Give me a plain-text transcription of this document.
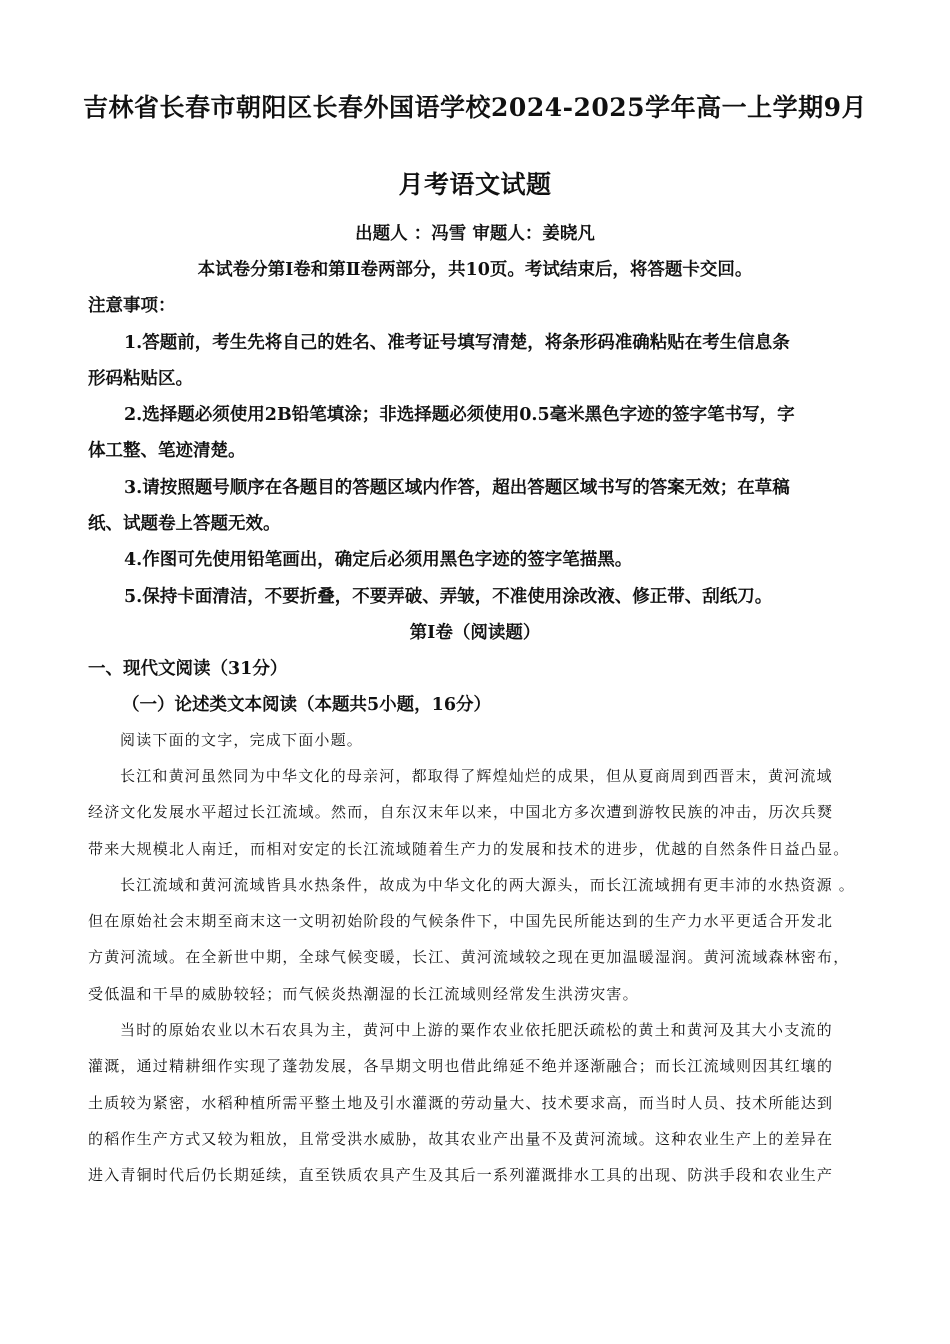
吉林省长春市朝阳区长春外国语学校2024-2025学年高一上学期9月
月考语文试题
出题人 ：冯雪 审题人：姜晓凡
本试卷分第Ⅰ卷和第Ⅱ卷两部分，共10页。考试结束后，将答题卡交回。
注意事项：
1.答题前，考生先将自己的姓名、准考证号填写清楚，将条形码准确粘贴在考生信息条
形码粘贴区。
2.选择题必须使用2B铅笔填涂；非选择题必须使用0.5毫米黑色字迹的签字笔书写，字
体工整、笔迹清楚。
3.请按照题号顺序在各题目的答题区域内作答，超出答题区域书写的答案无效；在草稿
纸、试题卷上答题无效。
4.作图可先使用铅笔画出，确定后必须用黑色字迹的签字笔描黑。
5.保持卡面清洁，不要折叠，不要弄破、弄皱，不准使用涂改液、修正带、刮纸刀。
第Ⅰ卷（阅读题）
一、现代文阅读（31分）
（一）论述类文本阅读（本题共5小题，16分）
阅读下面的文字，完成下面小题。
长江和黄河虽然同为中华文化的母亲河，都取得了辉煌灿烂的成果，但从夏商周到西晋末，黄河流域
经济文化发展水平超过长江流域。然而，自东汉末年以来，中国北方多次遭到游牧民族的冲击，历次兵燹
带来大规模北人南迁，而相对安定的长江流域随着生产力的发展和技术的进步，优越的自然条件日益凸显。
长江流域和黄河流域皆具水热条件，故成为中华文化的两大源头，而长江流域拥有更丰沛的水热资源 。
但在原始社会末期至商末这一文明初始阶段的气候条件下，中国先民所能达到的生产力水平更适合开发北
方黄河流域。在全新世中期，全球气候变暖，长江、黄河流域较之现在更加温暖湿润。黄河流域森林密布，
受低温和干旱的威胁较轻；而气候炎热潮湿的长江流域则经常发生洪涝灾害。
当时的原始农业以木石农具为主，黄河中上游的粟作农业依托肥沃疏松的黄土和黄河及其大小支流的
灌溉，通过精耕细作实现了蓬勃发展，各旱期文明也借此绵延不绝并逐渐融合；而长江流域则因其红壤的
土质较为紧密，水稻种植所需平整土地及引水灌溉的劳动量大、技术要求高，而当时人员、技术所能达到
的稻作生产方式又较为粗放，且常受洪水威胁，故其农业产出量不及黄河流域。这种农业生产上的差异在
进入青铜时代后仍长期延续，直至铁质农具产生及其后一系列灌溉排水工具的出现、防洪手段和农业生产
